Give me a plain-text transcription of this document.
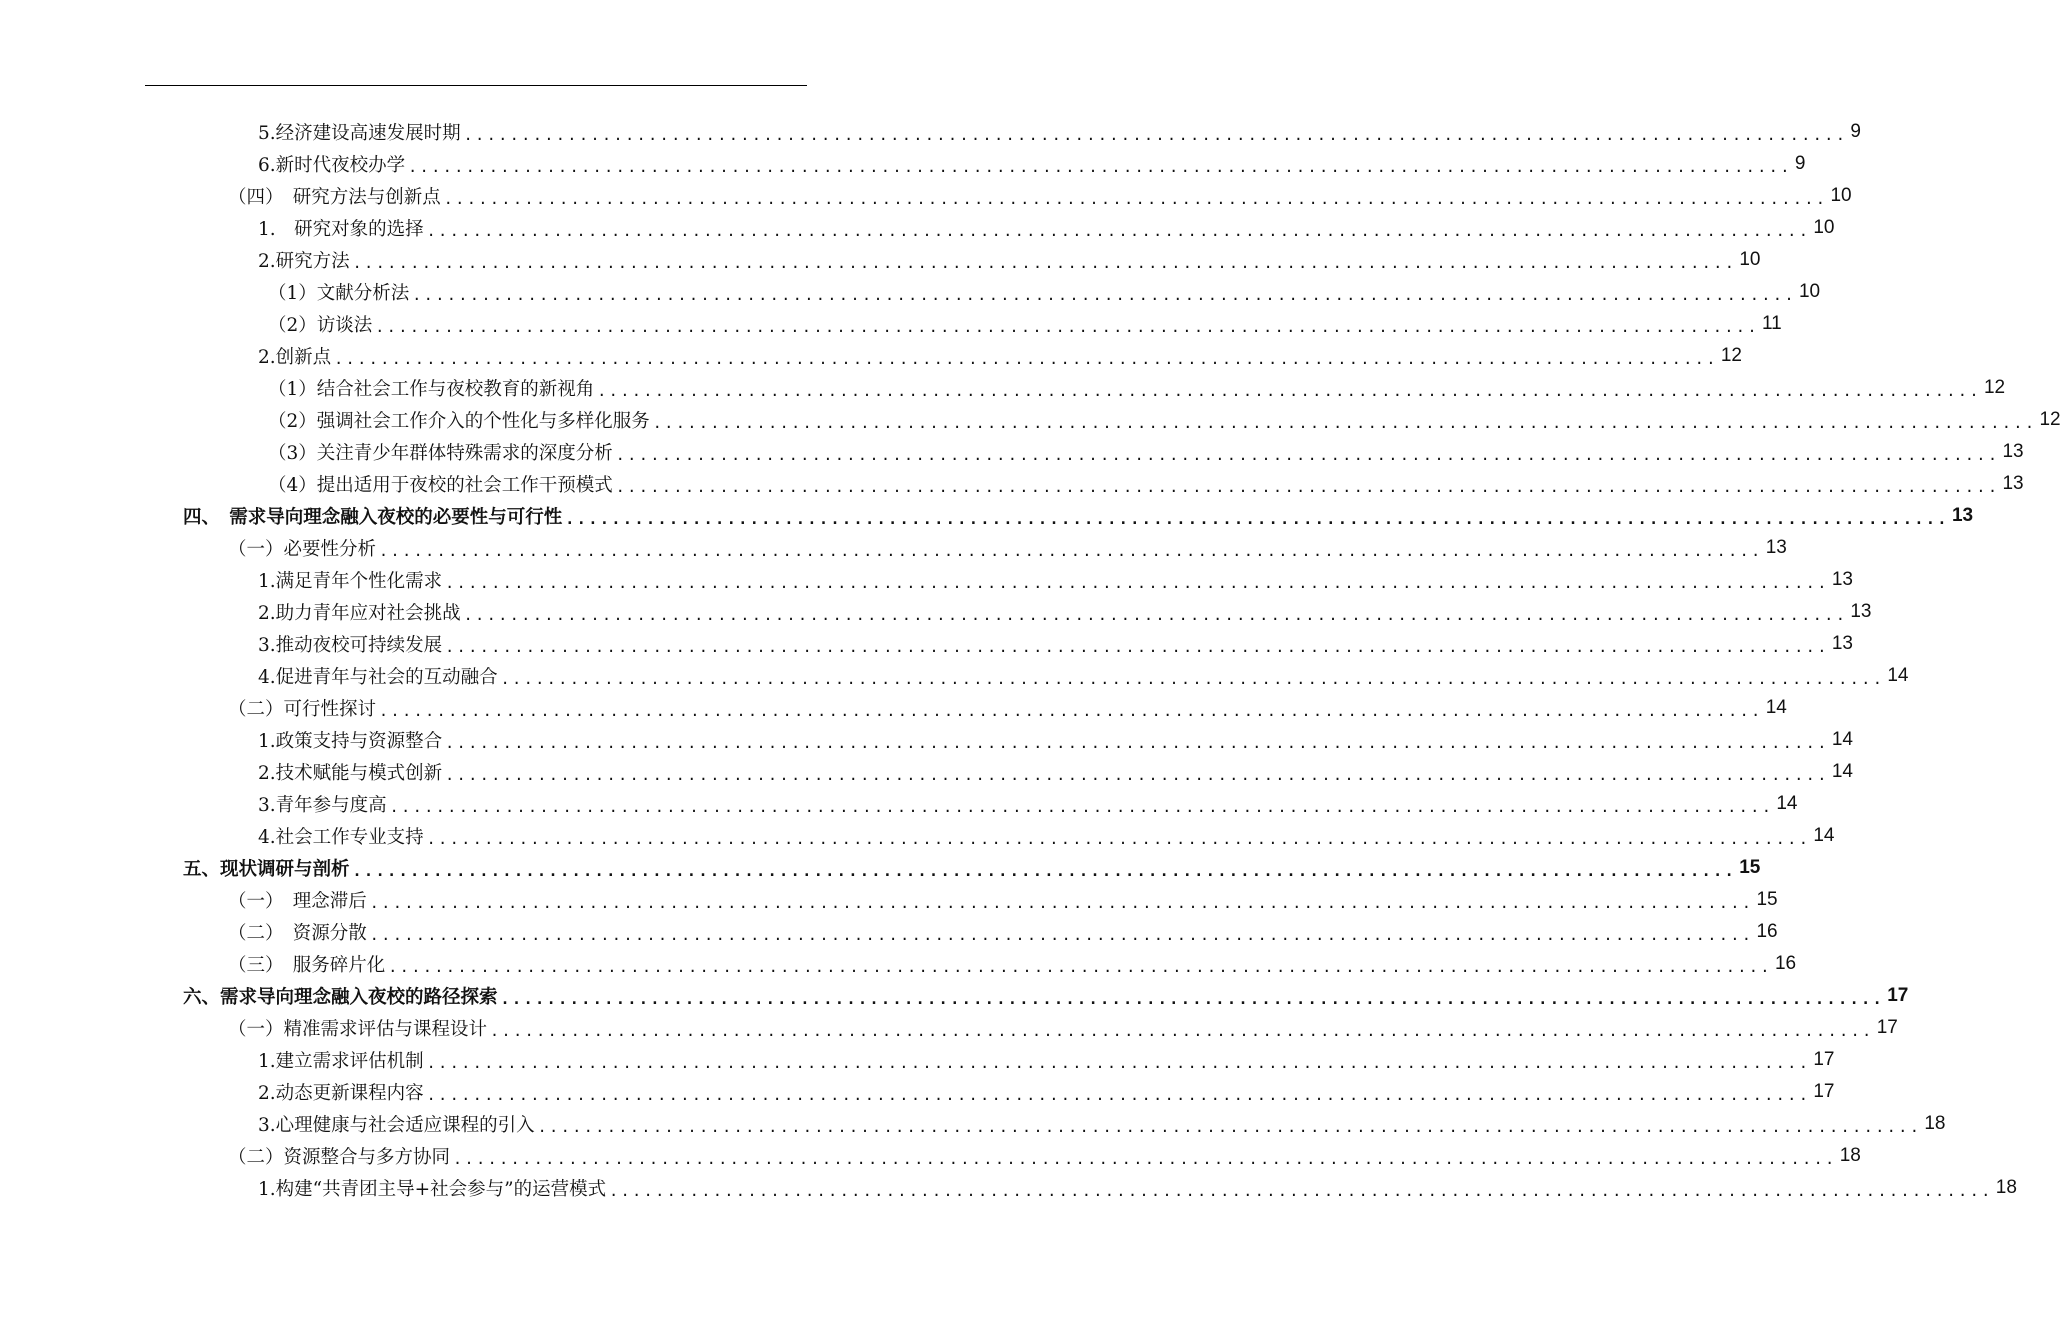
5.经济建设高速发展时期 ........................................................................................................................ 9
6.新时代夜校办学 ........................................................................................................................ 9
（四）　研究方法与创新点 ........................................................................................................................ 10
1.　研究对象的选择 ........................................................................................................................ 10
2.研究方法 ........................................................................................................................ 10
（1）文献分析法 ........................................................................................................................ 10
（2）访谈法 ........................................................................................................................ 11
2.创新点 ........................................................................................................................ 12
（1）结合社会工作与夜校教育的新视角 ........................................................................................................................ 12
（2）强调社会工作介入的个性化与多样化服务 ........................................................................................................................ 12
（3）关注青少年群体特殊需求的深度分析 ........................................................................................................................ 13
（4）提出适用于夜校的社会工作干预模式 ........................................................................................................................ 13
四、　需求导向理念融入夜校的必要性与可行性 ........................................................................................................................ 13
（一）必要性分析 ........................................................................................................................ 13
1.满足青年个性化需求 ........................................................................................................................ 13
2.助力青年应对社会挑战 ........................................................................................................................ 13
3.推动夜校可持续发展 ........................................................................................................................ 13
4.促进青年与社会的互动融合 ........................................................................................................................ 14
（二）可行性探讨 ........................................................................................................................ 14
1.政策支持与资源整合 ........................................................................................................................ 14
2.技术赋能与模式创新 ........................................................................................................................ 14
3.青年参与度高 ........................................................................................................................ 14
4.社会工作专业支持 ........................................................................................................................ 14
五、现状调研与剖析 ........................................................................................................................ 15
（一）　理念滞后 ........................................................................................................................ 15
（二）　资源分散 ........................................................................................................................ 16
（三）　服务碎片化 ........................................................................................................................ 16
六、需求导向理念融入夜校的路径探索 ........................................................................................................................ 17
（一）精准需求评估与课程设计 ........................................................................................................................ 17
1.建立需求评估机制 ........................................................................................................................ 17
2.动态更新课程内容 ........................................................................................................................ 17
3.心理健康与社会适应课程的引入 ........................................................................................................................ 18
（二）资源整合与多方协同 ........................................................................................................................ 18
1.构建“共青团主导+社会参与”的运营模式 ........................................................................................................................ 18
